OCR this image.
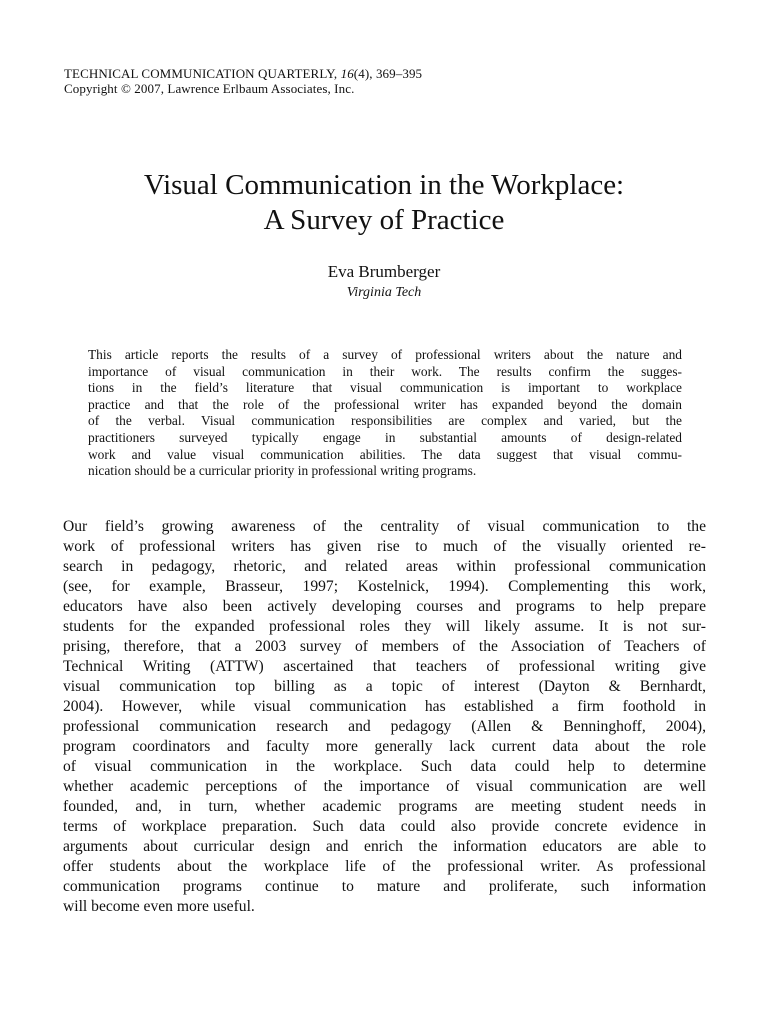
TECHNICAL COMMUNICATION QUARTERLY, 16(4), 369–395
Copyright © 2007, Lawrence Erlbaum Associates, Inc.
Visual Communication in the Workplace:
A Survey of Practice
Eva Brumberger
Virginia Tech
This article reports the results of a survey of professional writers about the nature and
importance of visual communication in their work. The results confirm the sugges-
tions in the field’s literature that visual communication is important to workplace
practice and that the role of the professional writer has expanded beyond the domain
of the verbal. Visual communication responsibilities are complex and varied, but the
practitioners surveyed typically engage in substantial amounts of design-related
work and value visual communication abilities. The data suggest that visual commu-
nication should be a curricular priority in professional writing programs.
Our field’s growing awareness of the centrality of visual communication to the
work of professional writers has given rise to much of the visually oriented re-
search in pedagogy, rhetoric, and related areas within professional communication
(see, for example, Brasseur, 1997; Kostelnick, 1994). Complementing this work,
educators have also been actively developing courses and programs to help prepare
students for the expanded professional roles they will likely assume. It is not sur-
prising, therefore, that a 2003 survey of members of the Association of Teachers of
Technical Writing (ATTW) ascertained that teachers of professional writing give
visual communication top billing as a topic of interest (Dayton & Bernhardt,
2004). However, while visual communication has established a firm foothold in
professional communication research and pedagogy (Allen & Benninghoff, 2004),
program coordinators and faculty more generally lack current data about the role
of visual communication in the workplace. Such data could help to determine
whether academic perceptions of the importance of visual communication are well
founded, and, in turn, whether academic programs are meeting student needs in
terms of workplace preparation. Such data could also provide concrete evidence in
arguments about curricular design and enrich the information educators are able to
offer students about the workplace life of the professional writer. As professional
communication programs continue to mature and proliferate, such information
will become even more useful.
